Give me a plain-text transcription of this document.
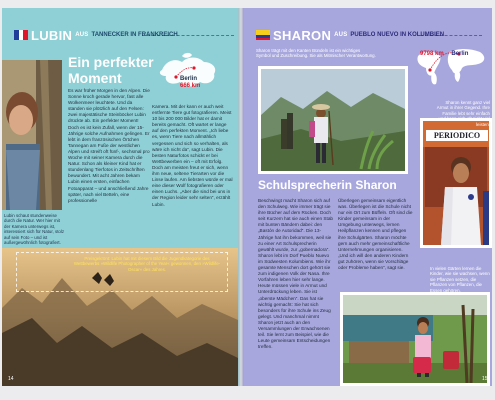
LUBIN AUS TANNECKER IN FRANKREICH
Lubin schaut stundenweise durch die Natur. Wer hier mit der Kamera unterwegs ist, interessiert sich für Natur, stolz auf sein Foto – und ist außergewöhnlich fotografiert.
Ein perfekter
Moment	Berlin
666 km

Es war früher Morgen in den Alpen. Die Sonne kroch gerade hervor, fast alle Wolkenmeer leuchtete. Und da standen sie plötzlich auf den Felsen: zwei majestätische Steinböcke! Lubin drückte ab. Ein perfekter Moment! Doch es ist kein Zufall, wenn der 15-Jährige solche Aufnahmen gelingen. Er lebt in dem französischen Örtchen Tannegan am Fuße der westlichen Alpen und streift oft fünf-, sechsmal pro Woche mit seiner Kamera durch die Natur. Schon als kleiner Kind hat er stundenlang Tierfotos in Zeitschriften bewundert. Mit acht Jahren bekam Lubin einen ersten, einfachen Fotoapparat – und anschließend Jahre später, nach viel Betteln, eine professionelle

Kamera. Mit der kann er auch weit entfernte Tiere gut fotografieren. Meist 10 bis 200 000 Bilder hat er damit bereits gemacht. Oft wartet er lange auf den perfekten Moment. „Ich liebe es, wenn Tiere nach allmählich vergessen und sich so verhalten, als wäre ich nicht da“, sagt Lubin. Die besten Naturfotos schickt er bei Wettbewerben ein – oft mit Erfolg. Doch am meisten freut er sich, wenn ihm neue, seltene Tierarten vor die Linse laufen. Am liebsten würde er mal eine dieser Wolf fotografieren oder einen Luchs. „Aber die sind bei uns in der Region leider sehr selten“, erzählt Lubin.

Preisgekrönt: Lubin hat mit diesem Bild die Jugendkategorie des Wettbewerbs »Wildlife Photographer of the Year« gewonnen, den »Wildlife-Oscar« des Jahres.
14
SHARON AUS PUEBLO NUEVO IN KOLUMBIEN
Sharon trägt mit den Kanten Bündeln ist ein wichtiges Symbol und Zuschreibung. Sie als Mitmischer Verantwortung.	9798 km Berlin
PERIODICO
Sharon kennt ganz viel Armut in ihrer Gegend. Ihre Familie lebt sehr einfach und kann sich oft nicht viel leisten.
Schulsprecherin Sharon

Beschwingt macht Sharon sich auf den Schulweg. Wie immer trägt sie ihre Bücher auf dem Rücken. Doch seit Kurzem hat sie auch einen Stab mit bunten Bändern dabei: den „Bastón de Autoridad“. Die 13-Jährige hat ihn bekommen, weil sie zu einer Art Schulsprecherin gewählt wurde, zur „gobernadora“. Sharon lebt im Dorf Pueblo Nuevo im Südwesten Kolumbiens. Wie ihr gesamte Menschen dort gehört sie zum indigenen Volk der Nasa. Ihre Vorfahren leben hier sehr lange. Heute müssen viele in Armut und Unterdrückung leben. Sie ist „oberste Mädchen“. Das hat sie wichtig gemacht: Sie hat sich besonders für ihre Schule ins Zeug gelegt. Und manchmal nimmt Sharon jetzt auch an den Versammlungen der Erwachsenen teil. Sie lernt zum Beispiel, wie die Leute gemeinsam Entscheidungen treffen.

Überlegen gemeinsam eigentlich was. Überlegen ist die Schule nicht nur ein Ort zum Büffeln. Oft sind die Kinder gemeinsam in der Umgebung unterwegs, lernen Heilpflanzen kennen und pflegen ihre Schulgärten. Sharon möchte gern auch mehr gemeinschaftliche Unternehmungen organisieren. „Und ich will den anderen Kindern gut zuhören, wenn sie Vorschläge oder Probleme haben“, sagt sie.	In vielen Gärten lernen die Kinder, wie sie wachsen, wenn sie Pflanzen setzen, die Pflanzen von Pflanzen, die Essen gehören.
15
